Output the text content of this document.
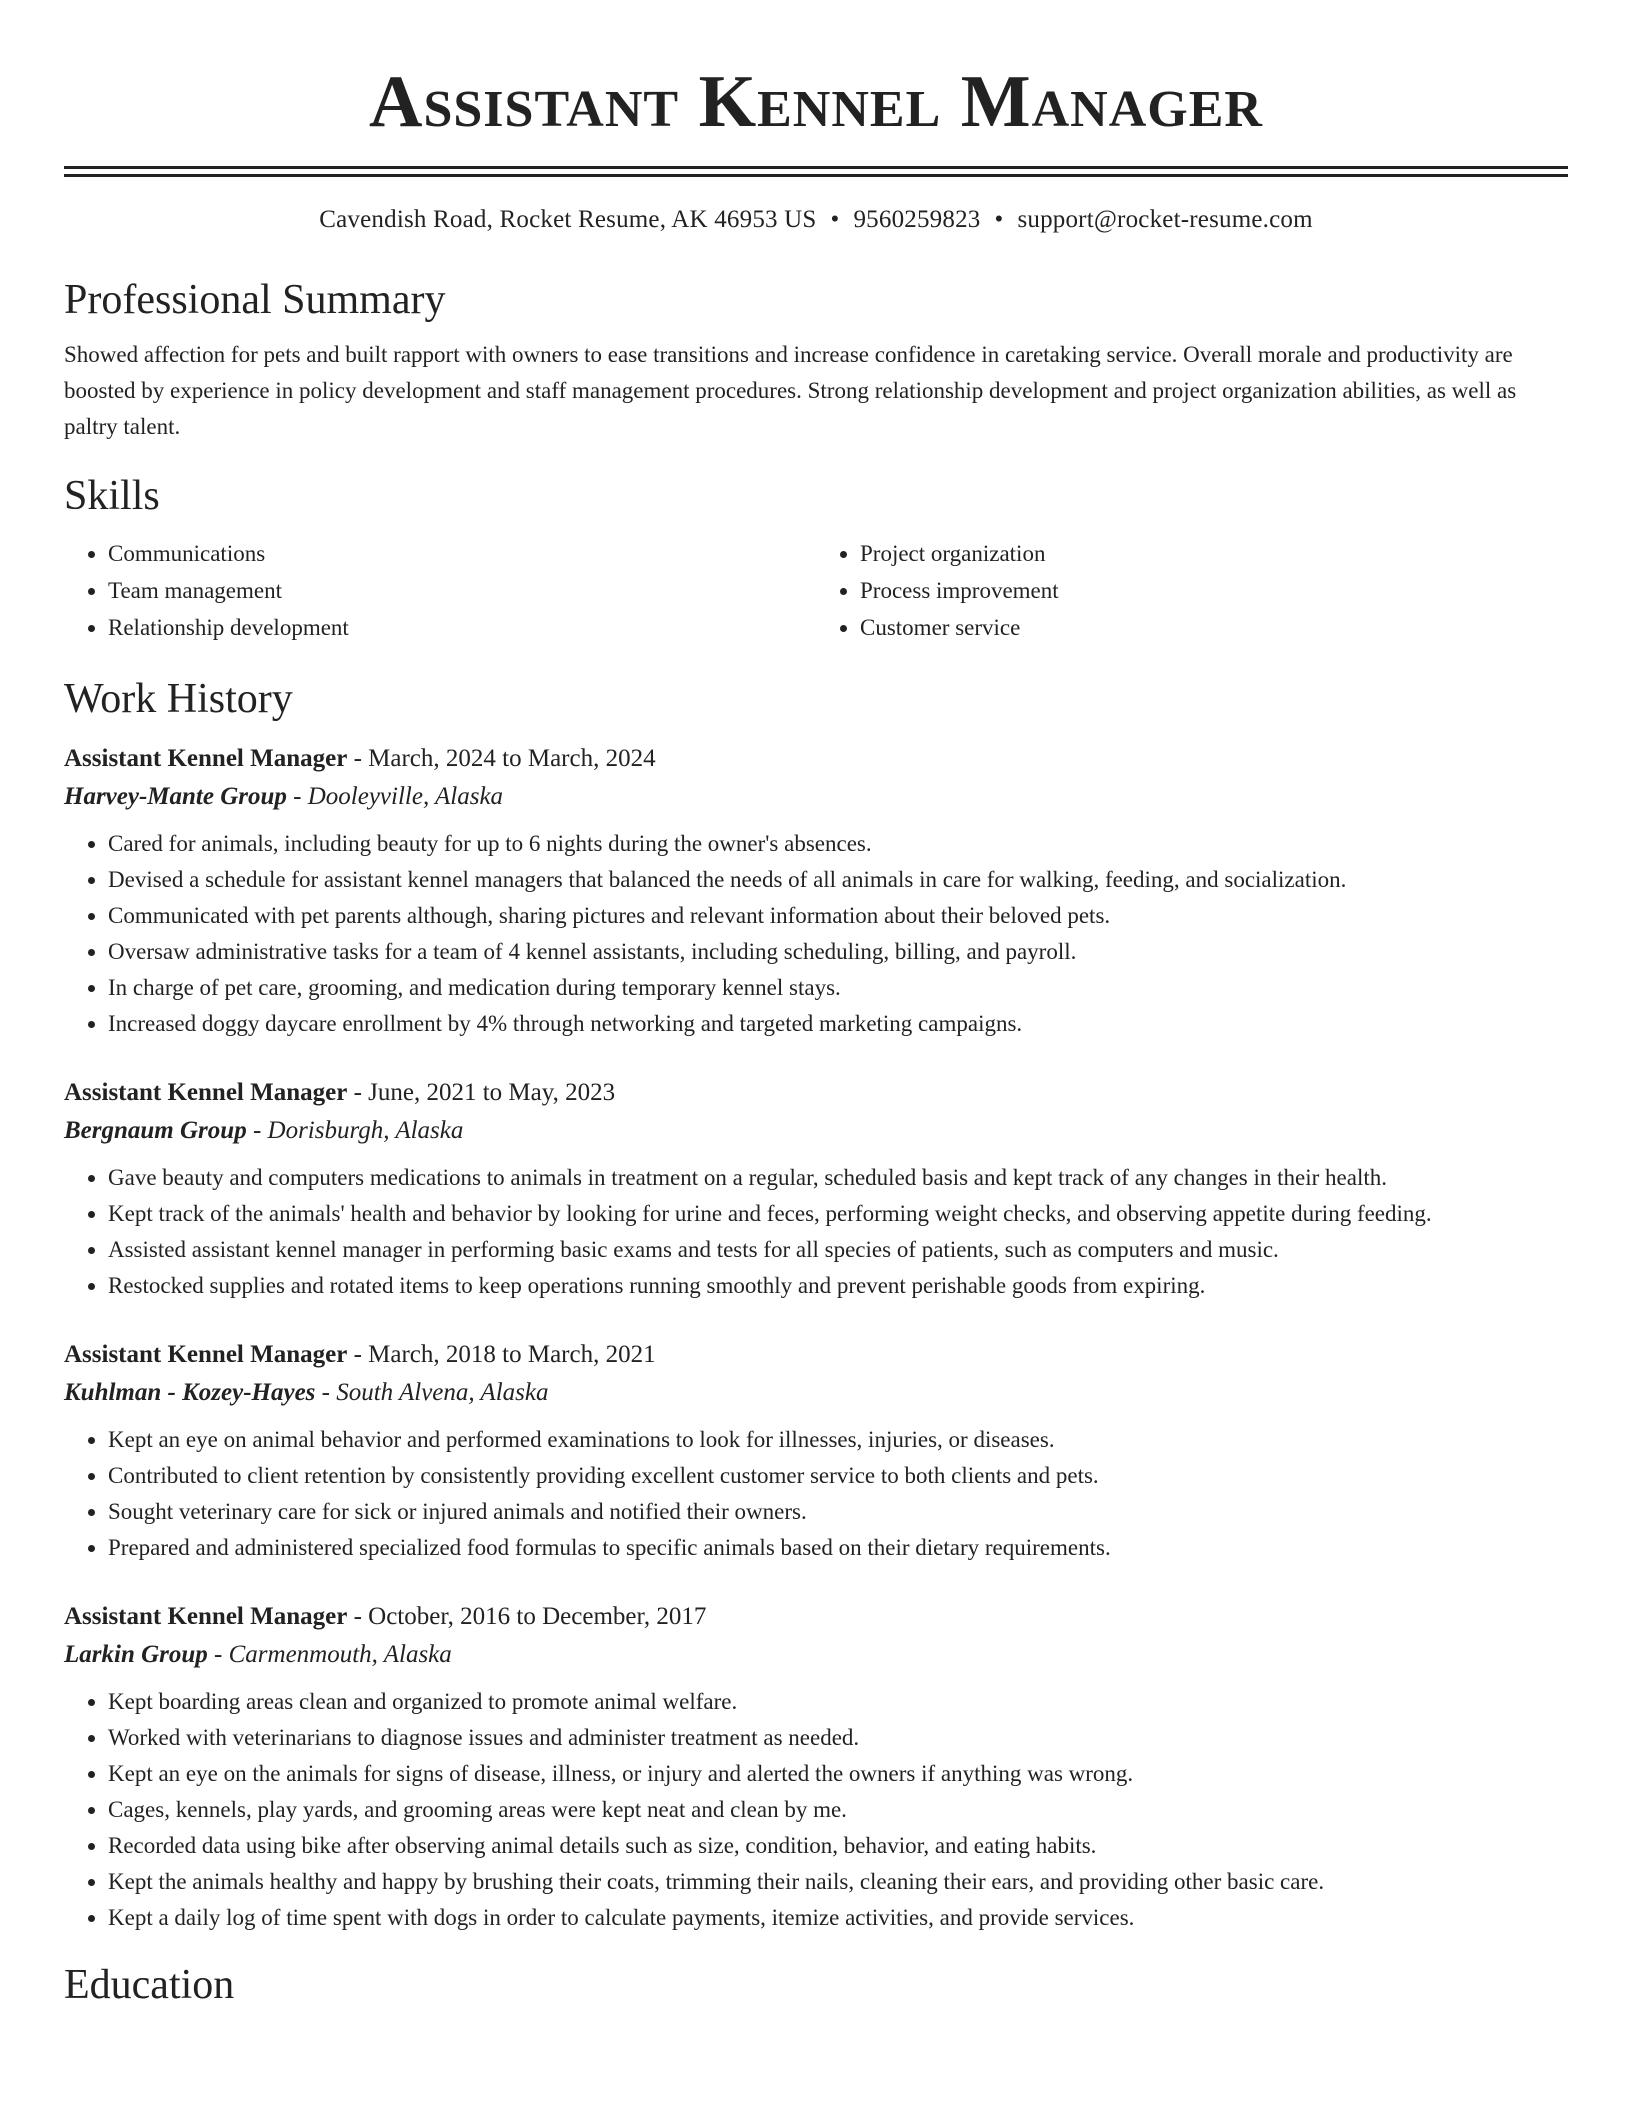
Assistant Kennel Manager
Cavendish Road, Rocket Resume, AK 46953 US • 9560259823 • support@rocket-resume.com
Professional Summary

Showed affection for pets and built rapport with owners to ease transitions and increase confidence in caretaking service. Overall morale and productivity are boosted by experience in policy development and staff management procedures. Strong relationship development and project organization abilities, as well as paltry talent.

Skills
• Communications
• Team management
• Relationship development
• Project organization
• Process improvement
• Customer service
Work History
Assistant Kennel Manager - March, 2024 to March, 2024
Harvey-Mante Group - Dooleyville, Alaska
• Cared for animals, including beauty for up to 6 nights during the owner's absences.
• Devised a schedule for assistant kennel managers that balanced the needs of all animals in care for walking, feeding, and socialization.
• Communicated with pet parents although, sharing pictures and relevant information about their beloved pets.
• Oversaw administrative tasks for a team of 4 kennel assistants, including scheduling, billing, and payroll.
• In charge of pet care, grooming, and medication during temporary kennel stays.
• Increased doggy daycare enrollment by 4% through networking and targeted marketing campaigns.
Assistant Kennel Manager - June, 2021 to May, 2023
Bergnaum Group - Dorisburgh, Alaska
• Gave beauty and computers medications to animals in treatment on a regular, scheduled basis and kept track of any changes in their health.
• Kept track of the animals' health and behavior by looking for urine and feces, performing weight checks, and observing appetite during feeding.
• Assisted assistant kennel manager in performing basic exams and tests for all species of patients, such as computers and music.
• Restocked supplies and rotated items to keep operations running smoothly and prevent perishable goods from expiring.
Assistant Kennel Manager - March, 2018 to March, 2021
Kuhlman - Kozey-Hayes - South Alvena, Alaska
• Kept an eye on animal behavior and performed examinations to look for illnesses, injuries, or diseases.
• Contributed to client retention by consistently providing excellent customer service to both clients and pets.
• Sought veterinary care for sick or injured animals and notified their owners.
• Prepared and administered specialized food formulas to specific animals based on their dietary requirements.
Assistant Kennel Manager - October, 2016 to December, 2017
Larkin Group - Carmenmouth, Alaska
• Kept boarding areas clean and organized to promote animal welfare.
• Worked with veterinarians to diagnose issues and administer treatment as needed.
• Kept an eye on the animals for signs of disease, illness, or injury and alerted the owners if anything was wrong.
• Cages, kennels, play yards, and grooming areas were kept neat and clean by me.
• Recorded data using bike after observing animal details such as size, condition, behavior, and eating habits.
• Kept the animals healthy and happy by brushing their coats, trimming their nails, cleaning their ears, and providing other basic care.
• Kept a daily log of time spent with dogs in order to calculate payments, itemize activities, and provide services.
Education
